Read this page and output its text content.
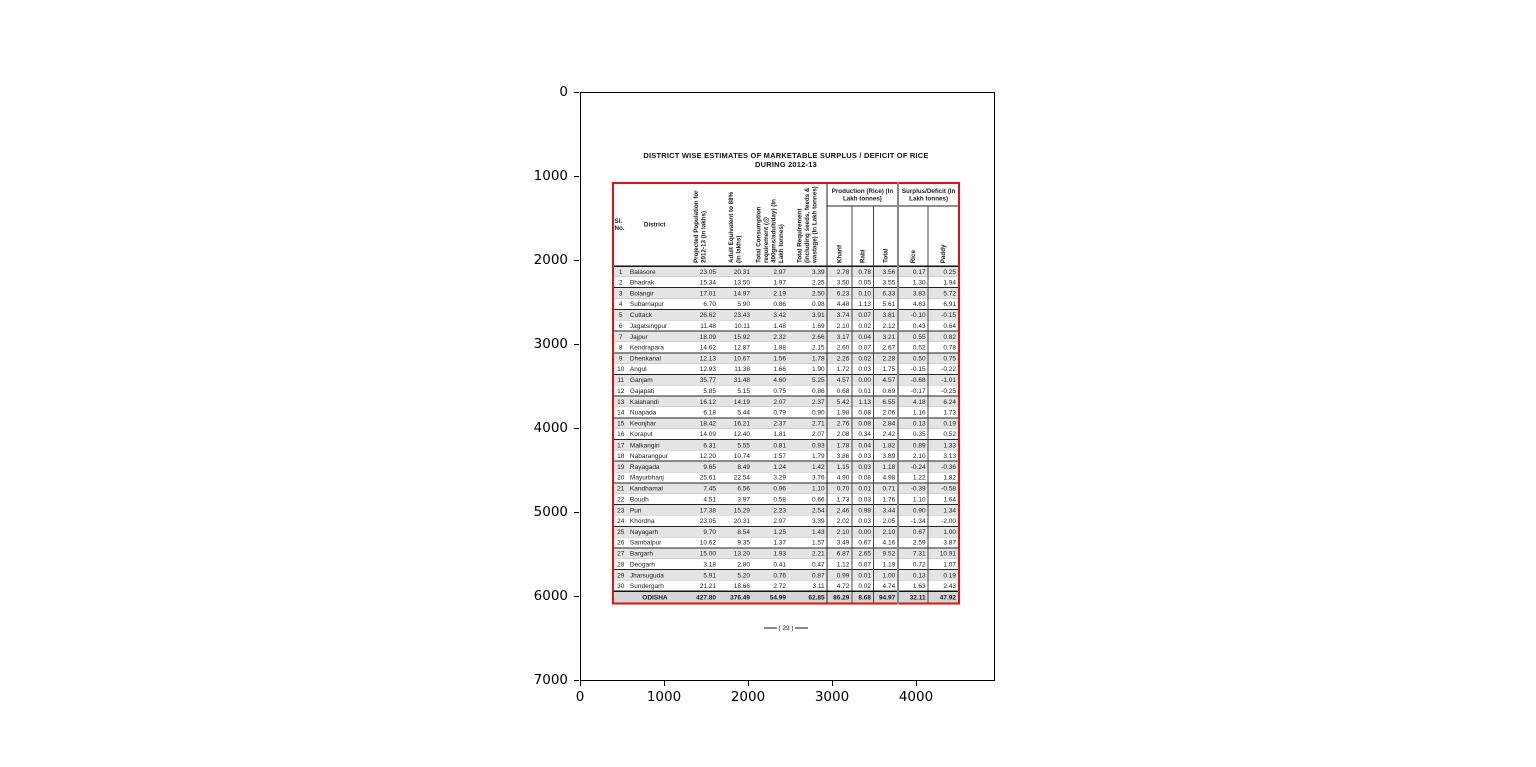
0
1000
2000
3000
4000
5000
6000
7000
0	1000	2000	3000	4000
DISTRICT WISE ESTIMATES OF MARKETABLE SURPLUS / DEFICIT OF RICE
DURING 2012-13
Sl. No.	District	Projected Population for 2012-13 (in lakhs)	Adult Equivalent to 88% (in lakhs)	Total Consumption requirement (@ 400gms/adult/day) (In Lakh tonnes)	Total Requirement (including seeds, feeds & wastage) (In Lakh tonnes)	Production (Rice) (In Lakh tonnes)			Surplus/Deficit (In Lakh tonnes)	
						Kharif	Rabi	Total	Rice	Paddy
1	Balasore	23.05	20.31	2.97	3.39	2.78	0.78	3.56	0.17	0.25
2	Bhadrak	15.34	13.50	1.97	2.25	3.50	0.05	3.55	1.30	1.94
3	Bolangir	17.01	14.97	2.19	2.50	6.23	0.10	6.33	3.83	5.72
4	Subarnapur	6.70	5.90	0.86	0.98	4.48	1.13	5.61	4.63	6.91
5	Cuttack	26.62	23.43	3.42	3.91	3.74	0.07	3.81	-0.10	-0.15
6	Jagatsingpur	11.48	10.11	1.48	1.69	2.10	0.02	2.12	0.43	0.64
7	Jajpur	18.09	15.92	2.32	2.66	3.17	0.04	3.21	0.55	0.82
8	Kendrapara	14.62	12.87	1.88	2.15	2.60	0.07	2.67	0.52	0.78
9	Dhenkanal	12.13	10.67	1.56	1.78	2.26	0.02	2.28	0.50	0.75
10	Angul	12.93	11.38	1.66	1.90	1.72	0.03	1.75	-0.15	-0.22
11	Ganjam	35.77	31.48	4.60	5.25	4.57	0.00	4.57	-0.68	-1.01
12	Gajapati	5.85	5.15	0.75	0.86	0.68	0.01	0.69	-0.17	-0.25
13	Kalahandi	16.12	14.19	2.07	2.37	5.42	1.13	6.55	4.18	6.24
14	Nuapada	6.18	5.44	0.79	0.90	1.98	0.08	2.06	1.16	1.73
15	Keonjhar	18.42	16.21	2.37	2.71	2.76	0.08	2.84	0.13	0.19
16	Koraput	14.09	12.40	1.81	2.07	2.08	0.34	2.42	0.35	0.52
17	Malkangiri	6.31	5.55	0.81	0.93	1.78	0.04	1.82	0.89	1.33
18	Nabarangpur	12.20	10.74	1.57	1.79	3.86	0.03	3.89	2.10	3.13
19	Rayagada	9.65	8.49	1.24	1.42	1.15	0.03	1.18	-0.24	-0.36
20	Mayurbhanj	25.61	22.54	3.29	3.76	4.90	0.08	4.98	1.22	1.82
21	Kandhamal	7.45	6.56	0.96	1.10	0.70	0.01	0.71	-0.39	-0.58
22	Boudh	4.51	3.97	0.58	0.66	1.73	0.03	1.76	1.10	1.64
23	Puri	17.38	15.29	2.23	2.54	2.46	0.98	3.44	0.90	1.34
24	Khordha	23.05	20.31	2.97	3.39	2.02	0.03	2.05	-1.34	-2.00
25	Nayagarh	9.70	8.54	1.25	1.43	2.10	0.00	2.10	0.67	1.00
26	Sambalpur	10.62	9.35	1.37	1.57	3.49	0.67	4.16	2.59	3.87
27	Bargarh	15.00	13.20	1.93	2.21	6.87	2.65	9.52	7.31	10.91
28	Deogarh	3.18	2.80	0.41	0.47	1.12	0.07	1.19	0.72	1.07
29	Jharsuguda	5.91	5.20	0.76	0.87	0.99	0.01	1.00	0.13	0.19
30	Sundergarh	21.21	18.66	2.72	3.11	4.72	0.02	4.74	1.63	2.43
	ODISHA	427.80	376.49	54.99	62.85	86.29	8.68	94.97	32.11	47.92
( 29 )
